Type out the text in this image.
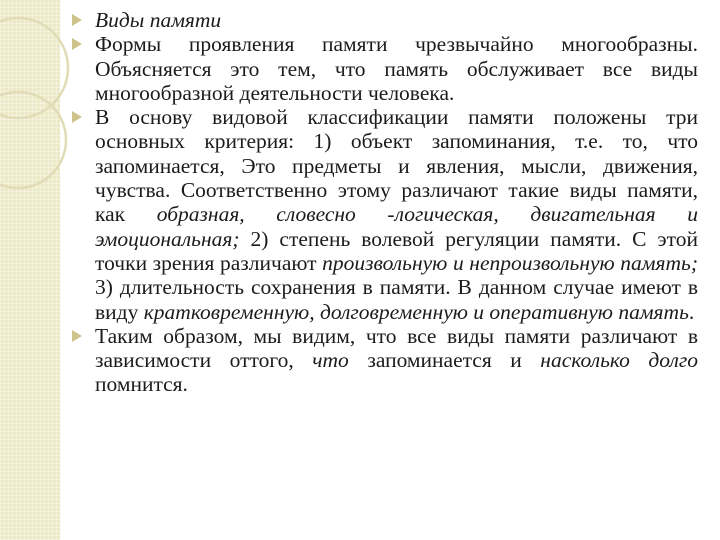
Виды памяти
Формы проявления памяти чрезвычайно многообразны. Объясняется это тем, что память обслуживает все виды многообразной деятельности человека.
В основу видовой классификации памяти положены три основных критерия: 1) объект запоминания, т.е. то, что запоминается, Это предметы и явления, мысли, движения, чувства. Соответственно этому различают такие виды памяти, как образная, словесно -логическая, двигательная и эмоциональная; 2) степень волевой регуляции памяти. С этой точки зрения различают произвольную и непроизвольную память; 3) длительность сохранения в памяти. В данном случае имеют в виду кратковременную, долговременную и оперативную память.
Таким образом, мы видим, что все виды памяти различают в зависимости оттого, что запоминается и насколько долго помнится.
